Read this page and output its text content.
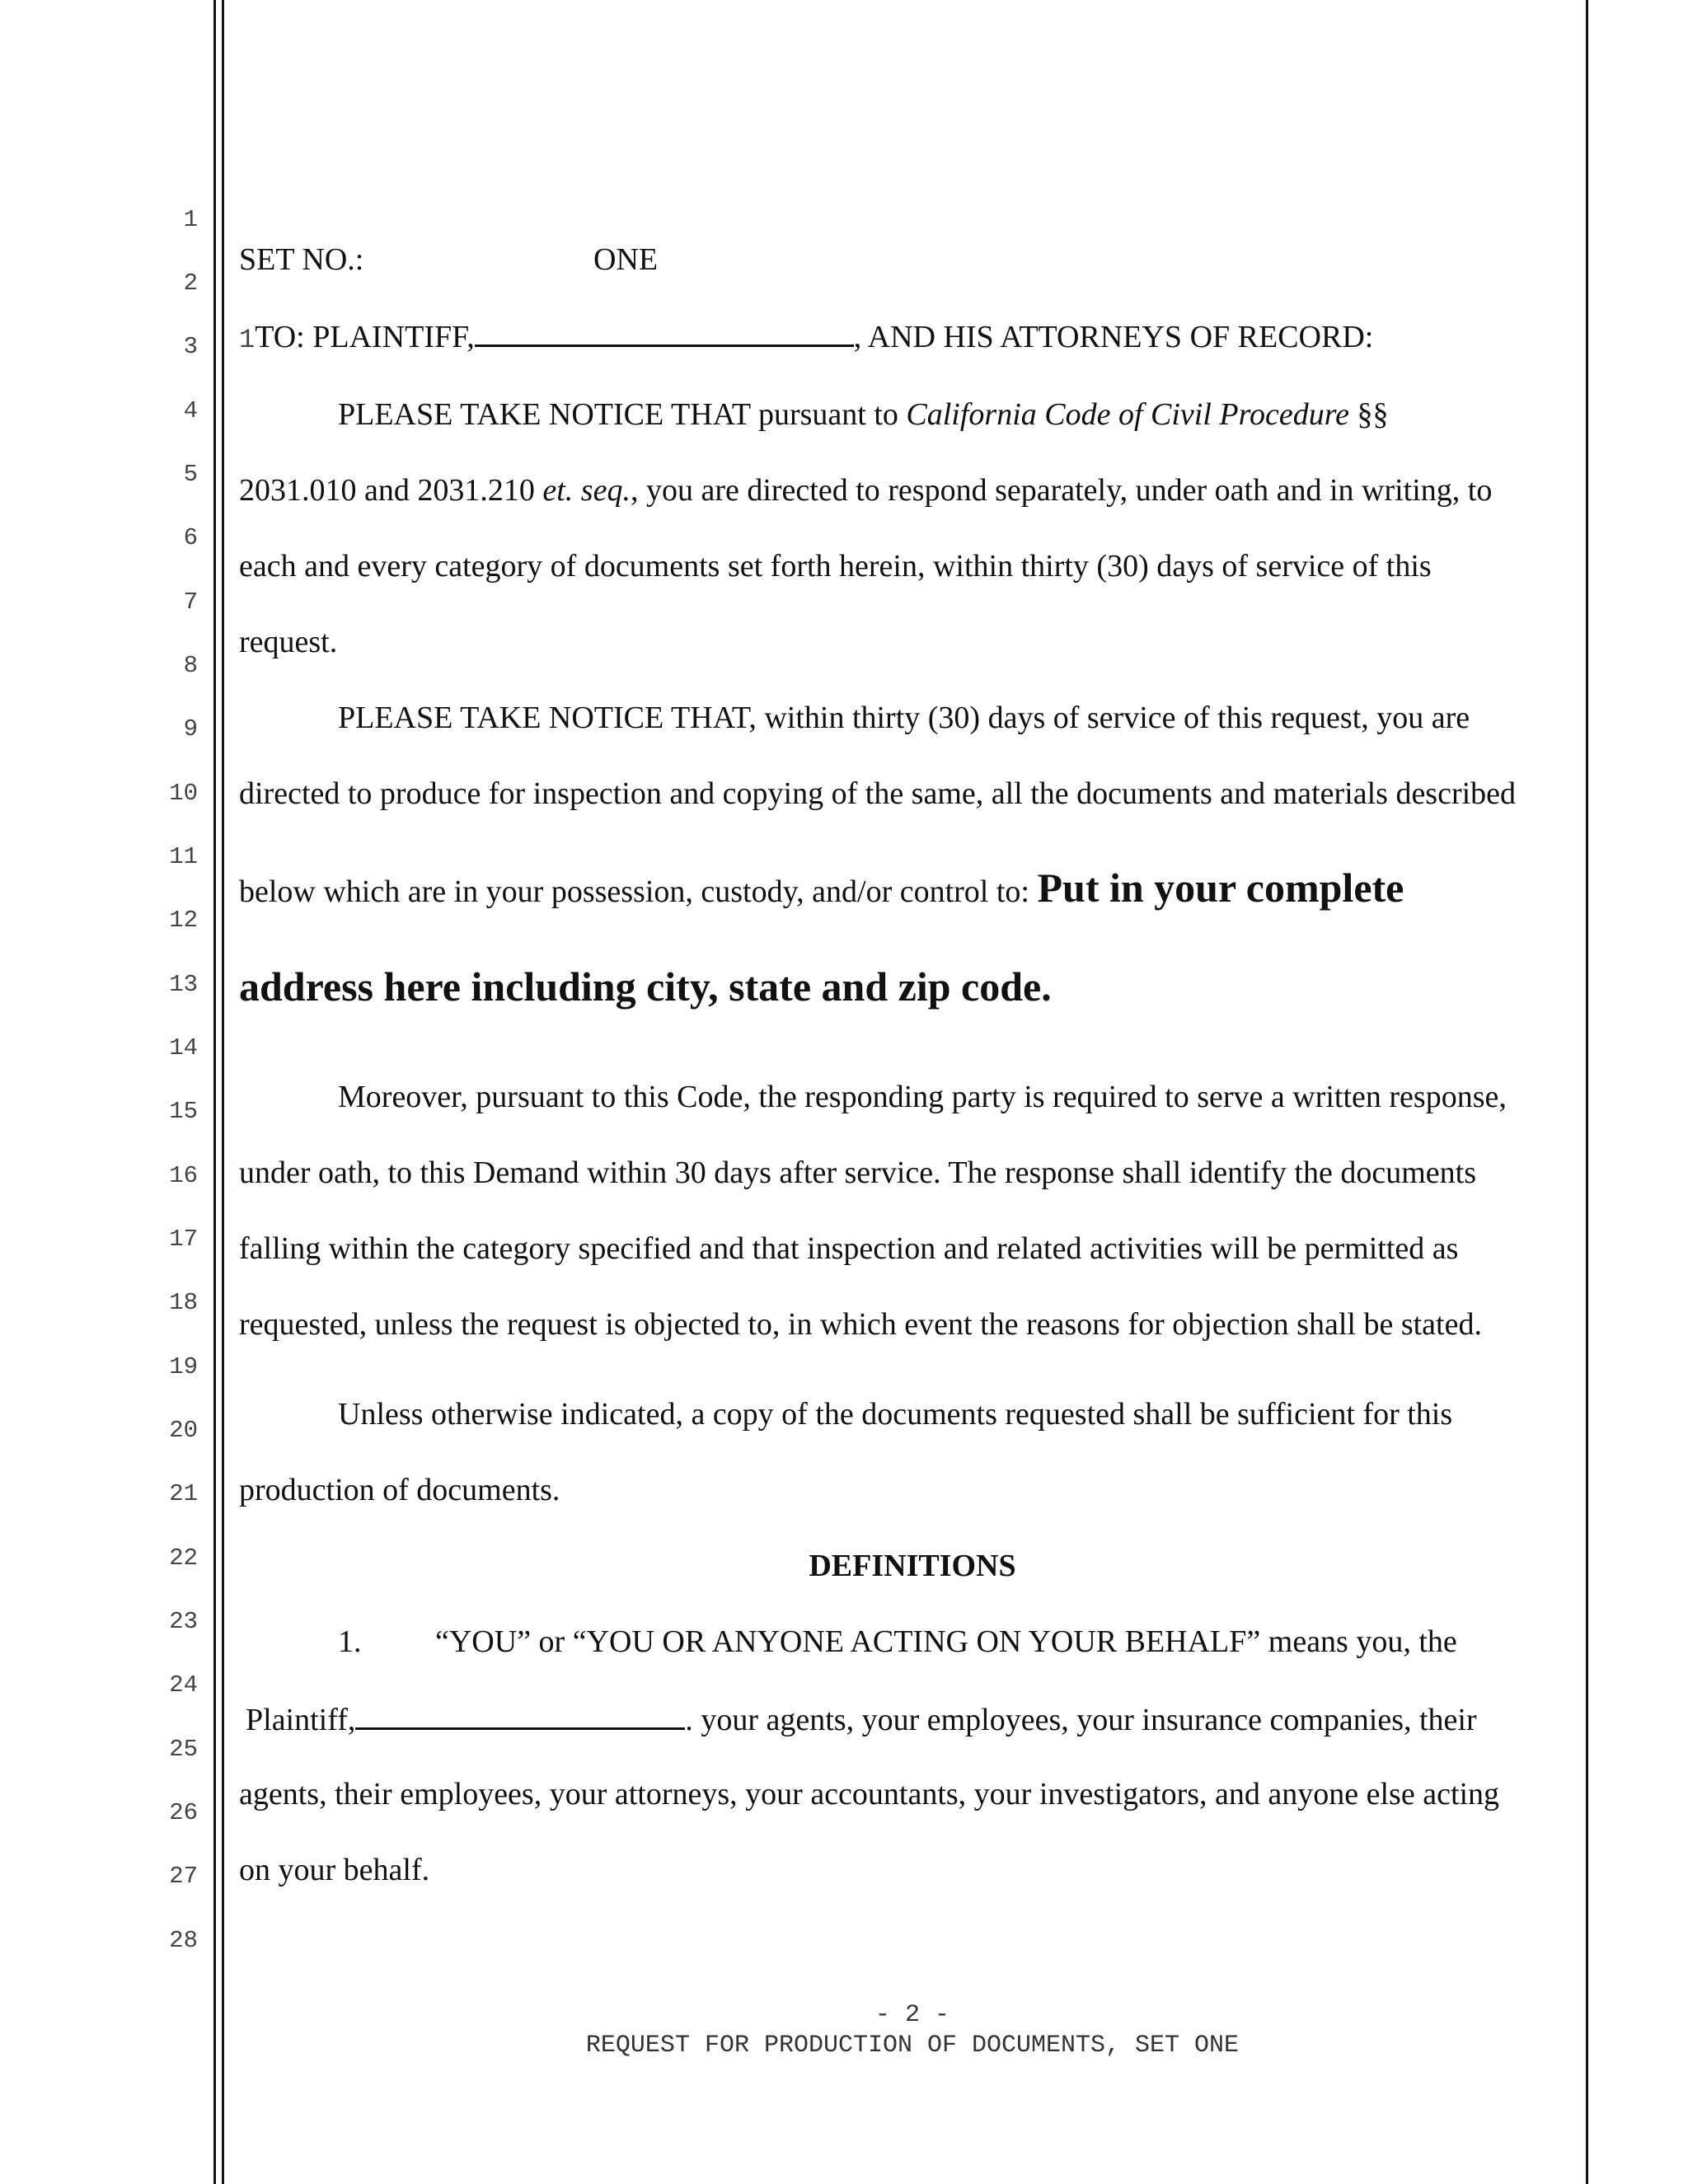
1
2
3
4
5
6
7
8
9
10
11
12
13
14
15
16
17
18
19
20
21
22
23
24
25
26
27
28
SET NO.:	ONE
1TO: PLAINTIFF,	, AND HIS ATTORNEYS OF RECORD:
PLEASE TAKE NOTICE THAT pursuant to California Code of Civil Procedure §§
2031.010 and 2031.210 et. seq., you are directed to respond separately, under oath and in writing, to
each and every category of documents set forth herein, within thirty (30) days of service of this
request.
PLEASE TAKE NOTICE THAT, within thirty (30) days of service of this request, you are
directed to produce for inspection and copying of the same, all the documents and materials described
below which are in your possession, custody, and/or control to: Put in your complete
address here including city, state and zip code.
Moreover, pursuant to this Code, the responding party is required to serve a written response,
under oath, to this Demand within 30 days after service. The response shall identify the documents
falling within the category specified and that inspection and related activities will be permitted as
requested, unless the request is objected to, in which event the reasons for objection shall be stated.
Unless otherwise indicated, a copy of the documents requested shall be sufficient for this
production of documents.
DEFINITIONS
1. “YOU” or “YOU OR ANYONE ACTING ON YOUR BEHALF” means you, the
Plaintiff,	. your agents, your employees, your insurance companies, their
agents, their employees, your attorneys, your accountants, your investigators, and anyone else acting
on your behalf.
- 2 -
REQUEST FOR PRODUCTION OF DOCUMENTS, SET ONE
